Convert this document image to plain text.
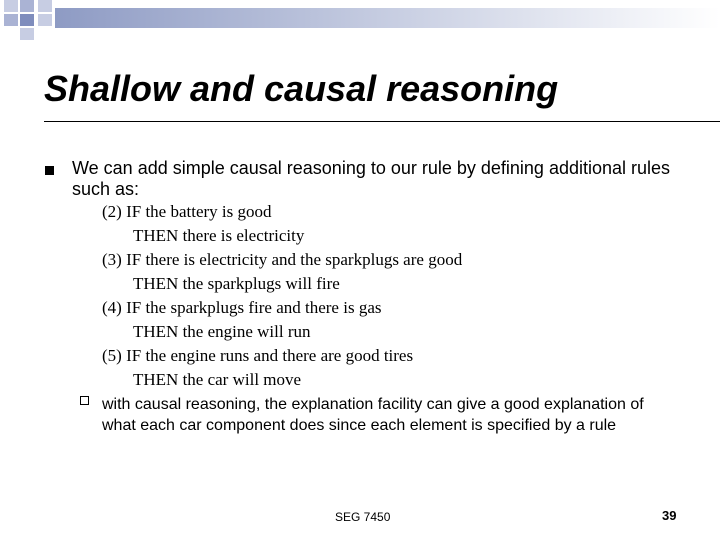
Shallow and causal reasoning
We can add simple causal reasoning to our rule by defining additional rules such as:
(2) IF the battery is good
THEN there is electricity
(3) IF there is electricity and the sparkplugs are good
THEN the sparkplugs will fire
(4) IF the sparkplugs fire and there is gas
THEN the engine will run
(5) IF the engine runs and there are good tires
THEN the car will move
with causal reasoning, the explanation facility can give a good explanation of what each car component does since each element is specified by a rule
SEG 7450	39
